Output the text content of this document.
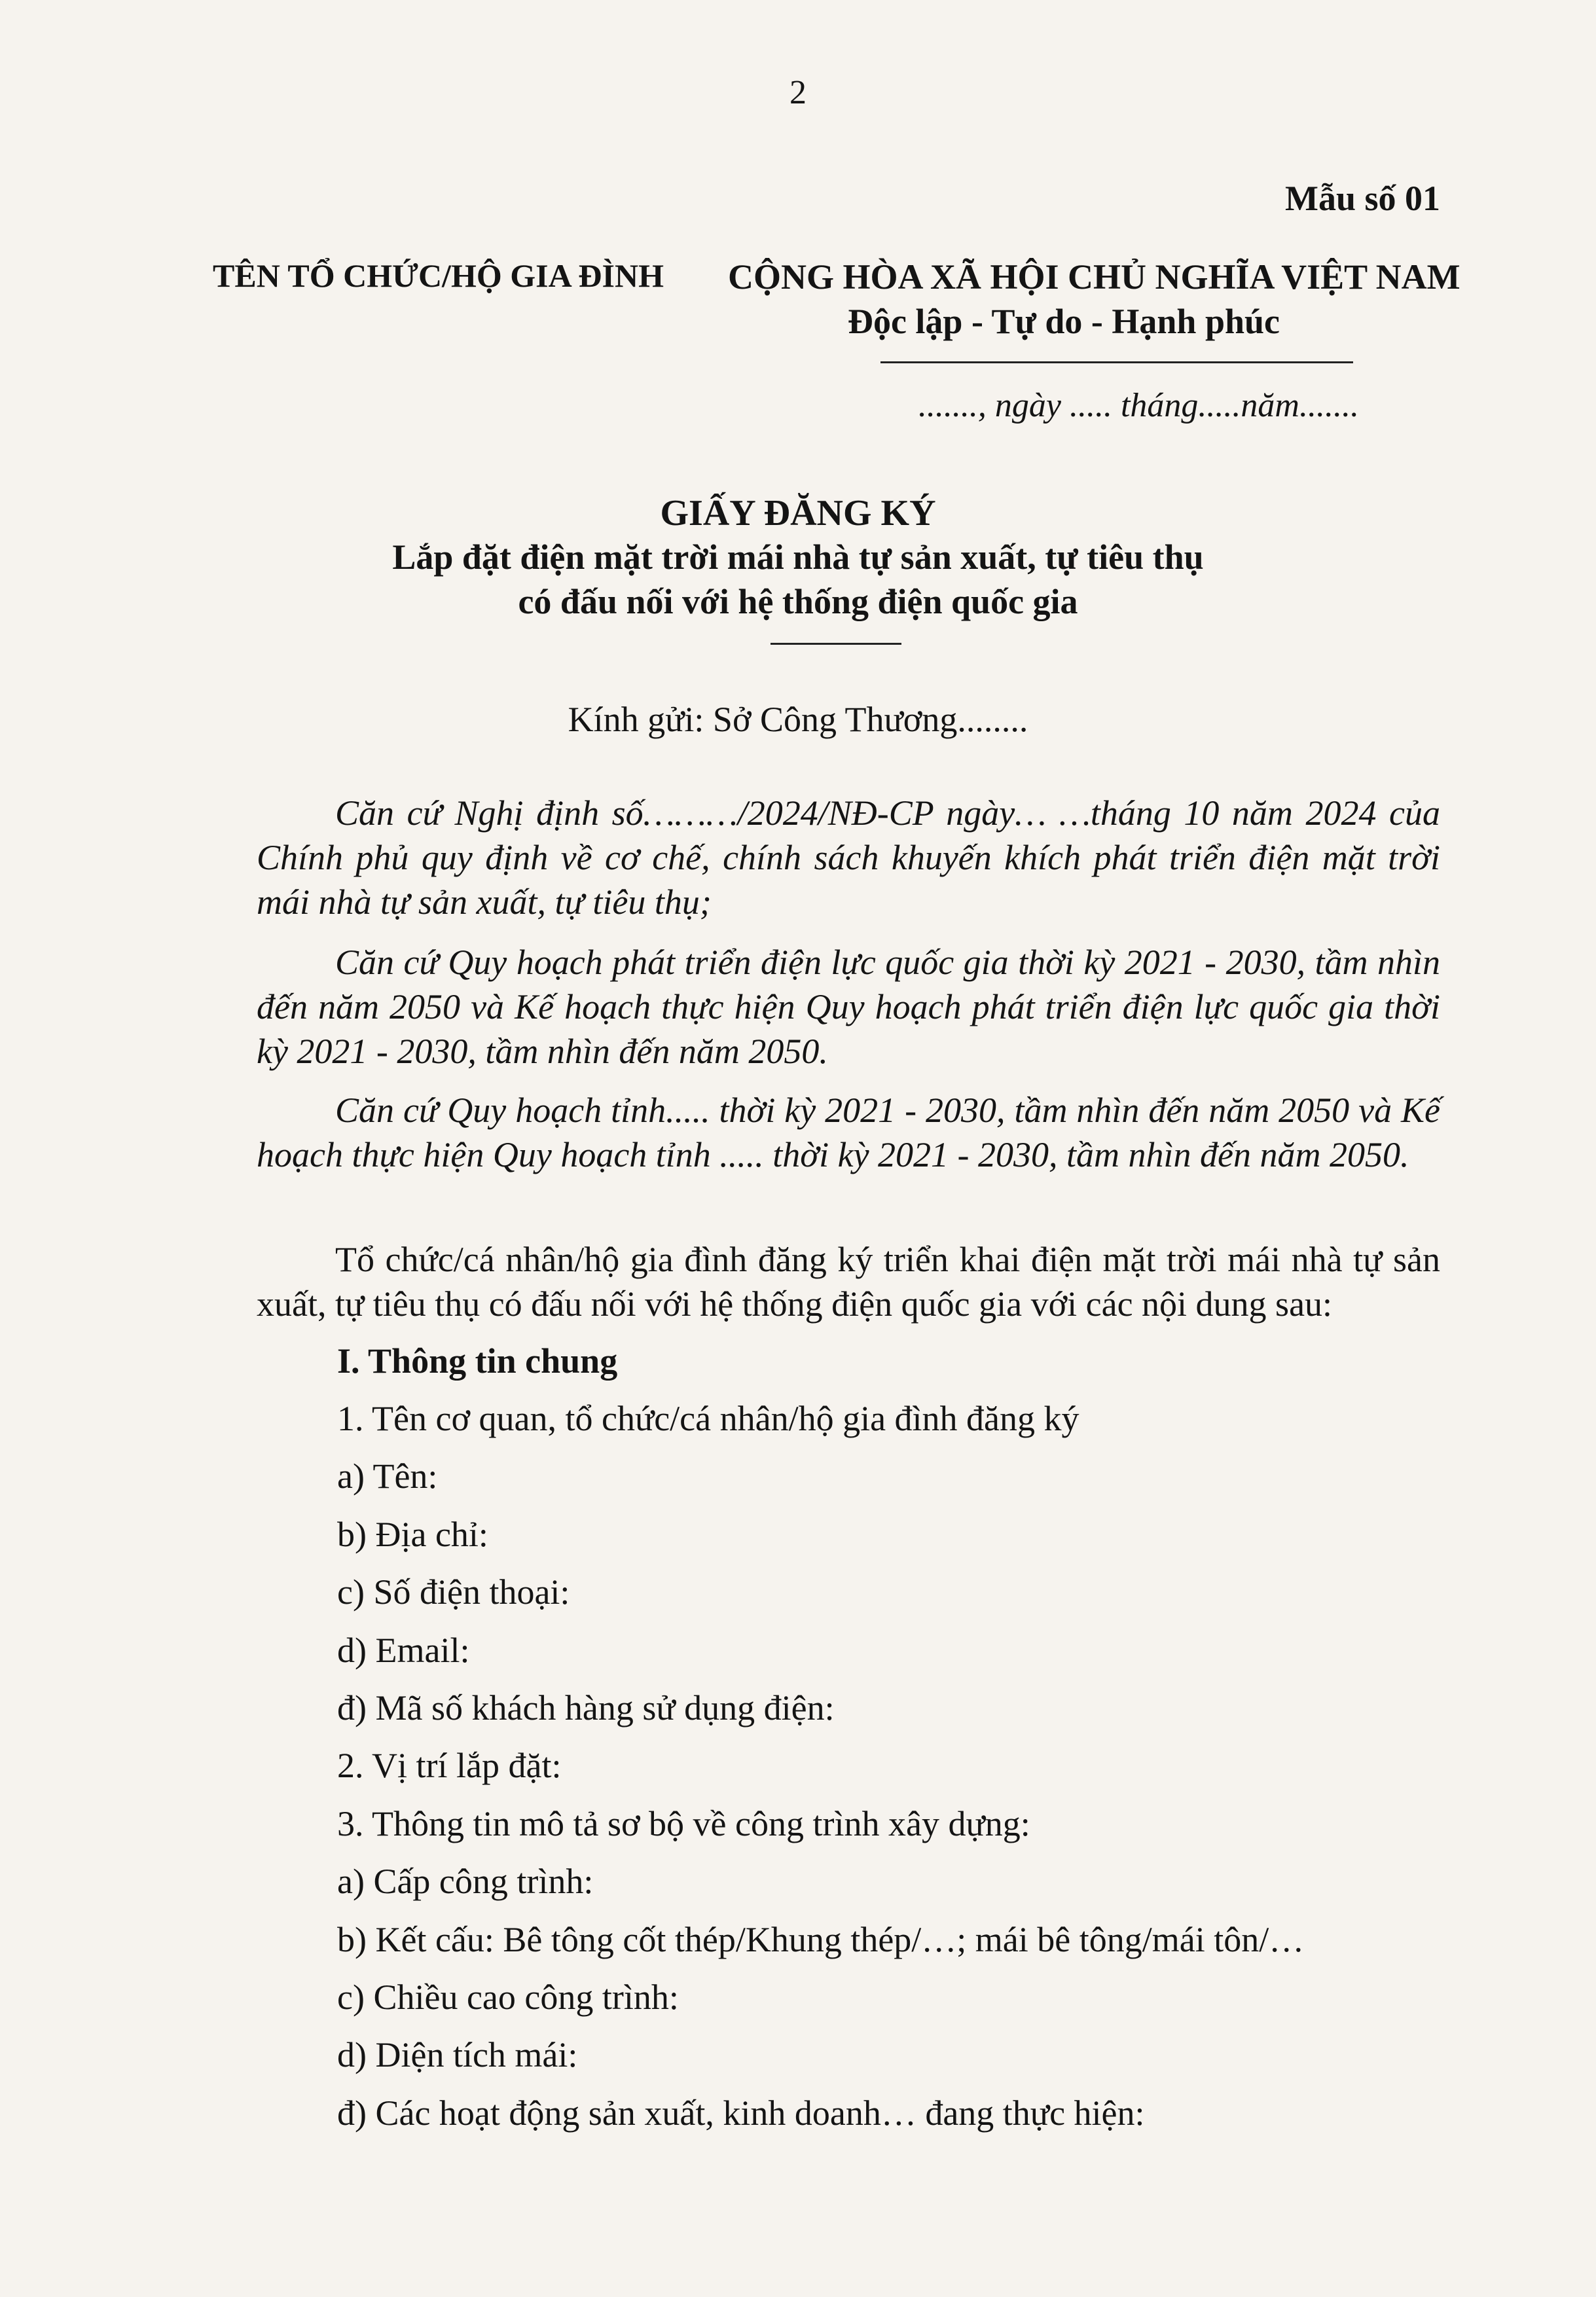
2
Mẫu số 01
TÊN TỔ CHỨC/HỘ GIA ĐÌNH CỘNG HÒA XÃ HỘI CHỦ NGHĨA VIỆT NAM
Độc lập - Tự do - Hạnh phúc
......., ngày ..... tháng.....năm.......
GIẤY ĐĂNG KÝ
Lắp đặt điện mặt trời mái nhà tự sản xuất, tự tiêu thụ
có đấu nối với hệ thống điện quốc gia
Kính gửi: Sở Công Thương........
Căn cứ Nghị định số………/2024/NĐ-CP ngày… …tháng 10 năm 2024 của Chính phủ quy định về cơ chế, chính sách khuyến khích phát triển điện mặt trời mái nhà tự sản xuất, tự tiêu thụ;
Căn cứ Quy hoạch phát triển điện lực quốc gia thời kỳ 2021 - 2030, tầm nhìn đến năm 2050 và Kế hoạch thực hiện Quy hoạch phát triển điện lực quốc gia thời kỳ 2021 - 2030, tầm nhìn đến năm 2050.
Căn cứ Quy hoạch tỉnh..... thời kỳ 2021 - 2030, tầm nhìn đến năm 2050 và Kế hoạch thực hiện Quy hoạch tỉnh ..... thời kỳ 2021 - 2030, tầm nhìn đến năm 2050.
Tổ chức/cá nhân/hộ gia đình đăng ký triển khai điện mặt trời mái nhà tự sản xuất, tự tiêu thụ có đấu nối với hệ thống điện quốc gia với các nội dung sau:
I. Thông tin chung
1. Tên cơ quan, tổ chức/cá nhân/hộ gia đình đăng ký
a) Tên:
b) Địa chỉ:
c) Số điện thoại:
d) Email:
đ) Mã số khách hàng sử dụng điện:
2. Vị trí lắp đặt:
3. Thông tin mô tả sơ bộ về công trình xây dựng:
a) Cấp công trình:
b) Kết cấu: Bê tông cốt thép/Khung thép/…; mái bê tông/mái tôn/…
c) Chiều cao công trình:
d) Diện tích mái:
đ) Các hoạt động sản xuất, kinh doanh… đang thực hiện:
